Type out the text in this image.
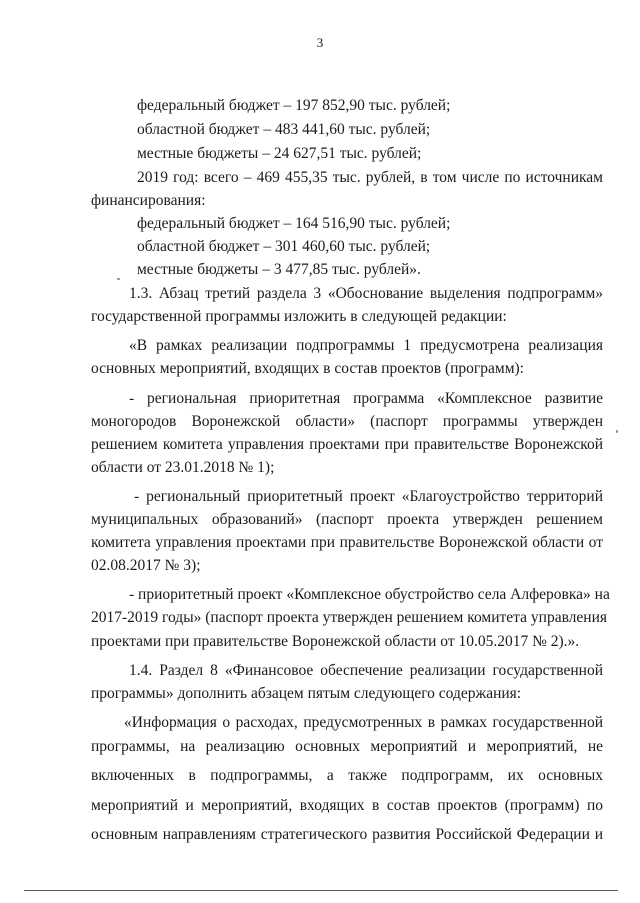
3
федеральный бюджет – 197 852,90 тыс. рублей;
областной бюджет – 483 441,60 тыс. рублей;
местные бюджеты – 24 627,51 тыс. рублей;
2019 год: всего – 469 455,35 тыс. рублей, в том числе по источникам
финансирования:
федеральный бюджет – 164 516,90 тыс. рублей;
областной бюджет – 301 460,60 тыс. рублей;
местные бюджеты – 3 477,85 тыс. рублей».
1.3. Абзац третий раздела 3 «Обоснование выделения подпрограмм»
государственной программы изложить в следующей редакции:
«В рамках реализации подпрограммы 1 предусмотрена реализация
основных мероприятий, входящих в состав проектов (программ):
- региональная приоритетная программа «Комплексное развитие
моногородов Воронежской области» (паспорт программы утвержден
решением комитета управления проектами при правительстве Воронежской
области от 23.01.2018 № 1);
- региональный приоритетный проект «Благоустройство территорий
муниципальных образований» (паспорт проекта утвержден решением
комитета управления проектами при правительстве Воронежской области от
02.08.2017 № 3);
- приоритетный проект «Комплексное обустройство села Алферовка» на
2017-2019 годы» (паспорт проекта утвержден решением комитета управления
проектами при правительстве Воронежской области от 10.05.2017 № 2).».
1.4. Раздел 8 «Финансовое обеспечение реализации государственной
программы» дополнить абзацем пятым следующего содержания:
«Информация о расходах, предусмотренных в рамках государственной
программы, на реализацию основных мероприятий и мероприятий, не
включенных в подпрограммы, а также подпрограмм, их основных
мероприятий и мероприятий, входящих в состав проектов (программ) по
основным направлениям стратегического развития Российской Федерации и
